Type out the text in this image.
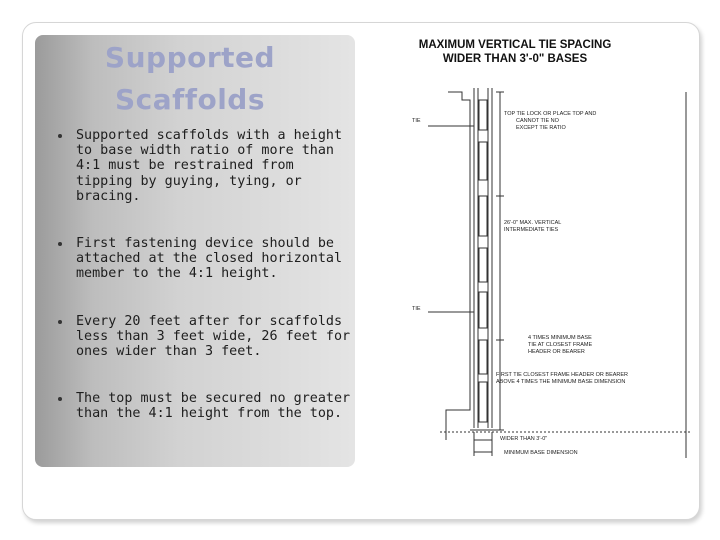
Supported
Scaffolds
Supported scaffolds with a height to base width ratio of more than 4:1 must be restrained from tipping by guying, tying, or bracing.
First fastening device should be attached at the closed horizontal member to the 4:1 height.
Every 20 feet after for scaffolds less than 3 feet wide, 26 feet for ones wider than 3 feet.
The top must be secured no greater than the 4:1 height from the top.
MAXIMUM VERTICAL TIE SPACING
WIDER THAN 3'-0" BASES
TIE
TIE
TOP TIE LOCK OR PLACE TOP AND
CANNOT TIE NO
EXCEPT TIE RATIO
26'-0" MAX. VERTICAL
INTERMEDIATE TIES
4 TIMES MINIMUM BASE
TIE AT CLOSEST FRAME
HEADER OR BEARER
FIRST TIE CLOSEST FRAME HEADER OR BEARER
ABOVE 4 TIMES THE MINIMUM BASE DIMENSION
WIDER THAN 3'-0"
MINIMUM BASE DIMENSION
